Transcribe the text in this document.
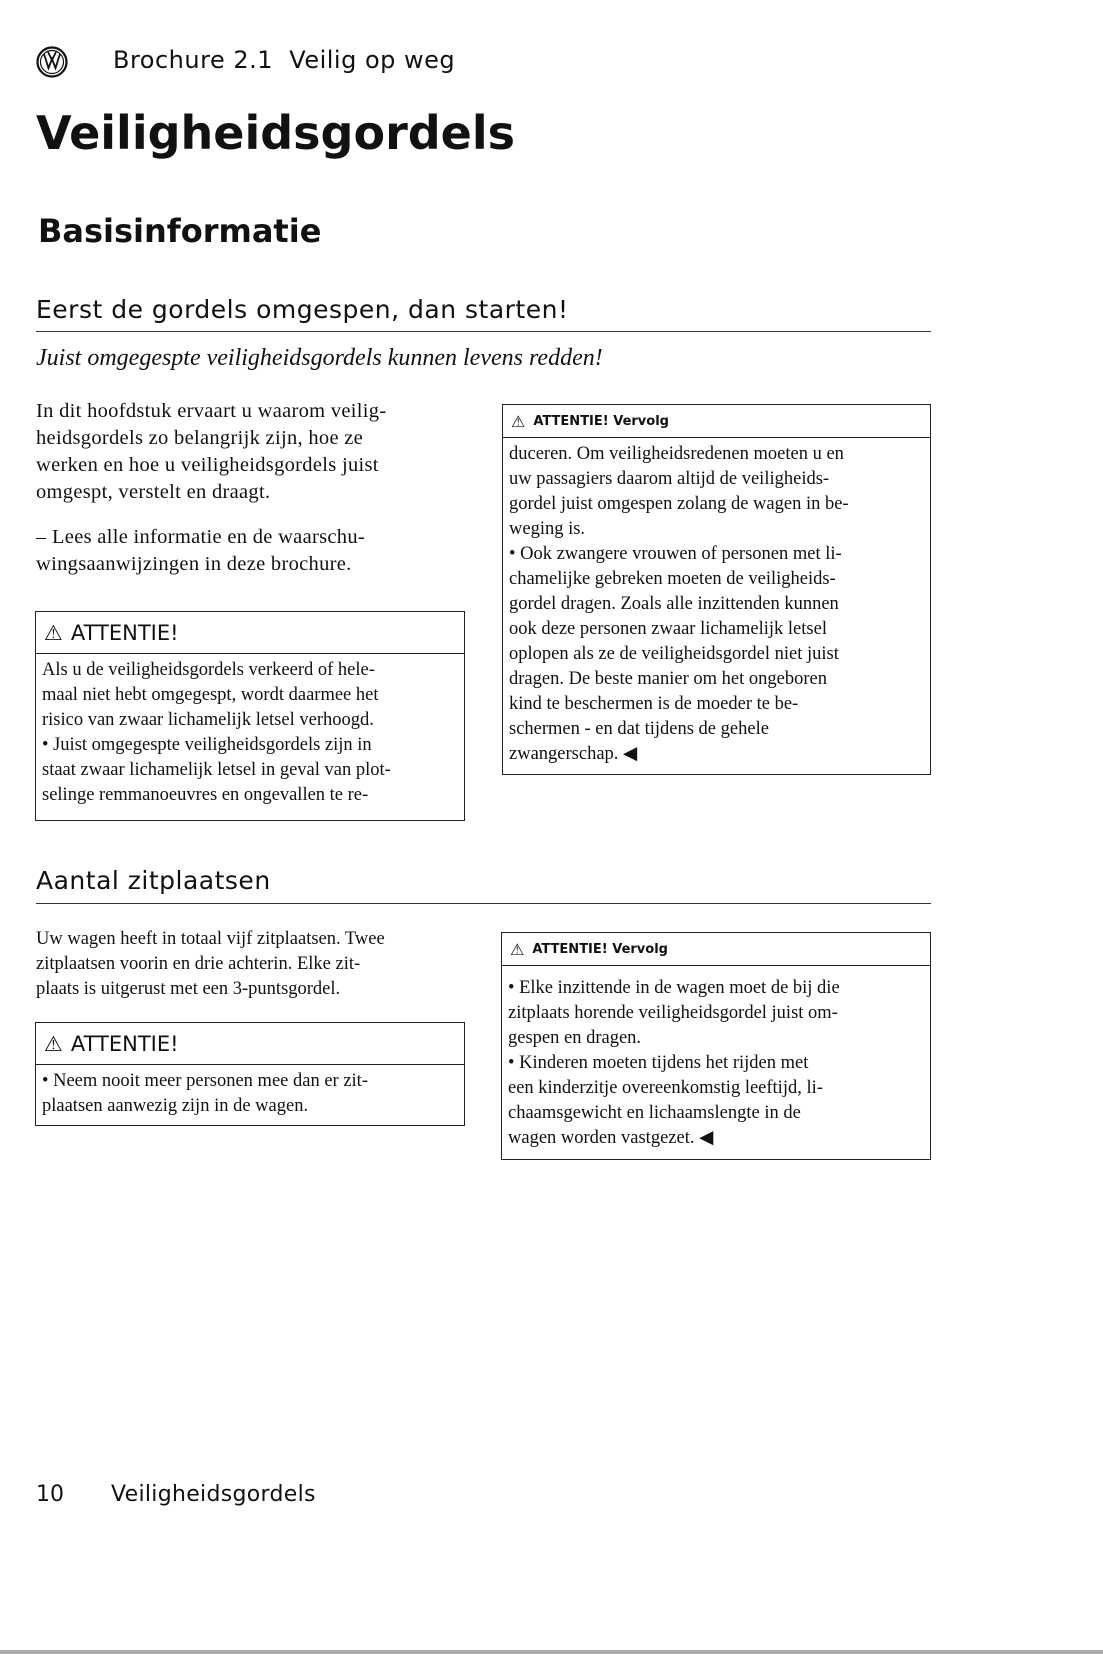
Brochure 2.1  Veilig op weg
Veiligheidsgordels
Basisinformatie
Eerst de gordels omgespen, dan starten!
Juist omgegespte veiligheidsgordels kunnen levens redden!
In dit hoofdstuk ervaart u waarom veilig-
heidsgordels zo belangrijk zijn, hoe ze
werken en hoe u veiligheidsgordels juist
omgespt, verstelt en draagt.
– Lees alle informatie en de waarschu-
wingsaanwijzingen in deze brochure.
⚠ ATTENTIE!
Als u de veiligheidsgordels verkeerd of hele-
maal niet hebt omgegespt, wordt daarmee het
risico van zwaar lichamelijk letsel verhoogd.
• Juist omgegespte veiligheidsgordels zijn in
staat zwaar lichamelijk letsel in geval van plot-
selinge remmanoeuvres en ongevallen te re-
⚠ ATTENTIE! Vervolg
duceren. Om veiligheidsredenen moeten u en
uw passagiers daarom altijd de veiligheids-
gordel juist omgespen zolang de wagen in be-
weging is.
• Ook zwangere vrouwen of personen met li-
chamelijke gebreken moeten de veiligheids-
gordel dragen. Zoals alle inzittenden kunnen
ook deze personen zwaar lichamelijk letsel
oplopen als ze de veiligheidsgordel niet juist
dragen. De beste manier om het ongeboren
kind te beschermen is de moeder te be-
schermen - en dat tijdens de gehele
zwangerschap. ◀
Aantal zitplaatsen
Uw wagen heeft in totaal vijf zitplaatsen. Twee
zitplaatsen voorin en drie achterin. Elke zit-
plaats is uitgerust met een 3-puntsgordel.
⚠ ATTENTIE!
• Neem nooit meer personen mee dan er zit-
plaatsen aanwezig zijn in de wagen.
⚠ ATTENTIE! Vervolg
• Elke inzittende in de wagen moet de bij die
zitplaats horende veiligheidsgordel juist om-
gespen en dragen.
• Kinderen moeten tijdens het rijden met
een kinderzitje overeenkomstig leeftijd, li-
chaamsgewicht en lichaamslengte in de
wagen worden vastgezet. ◀
10 Veiligheidsgordels
